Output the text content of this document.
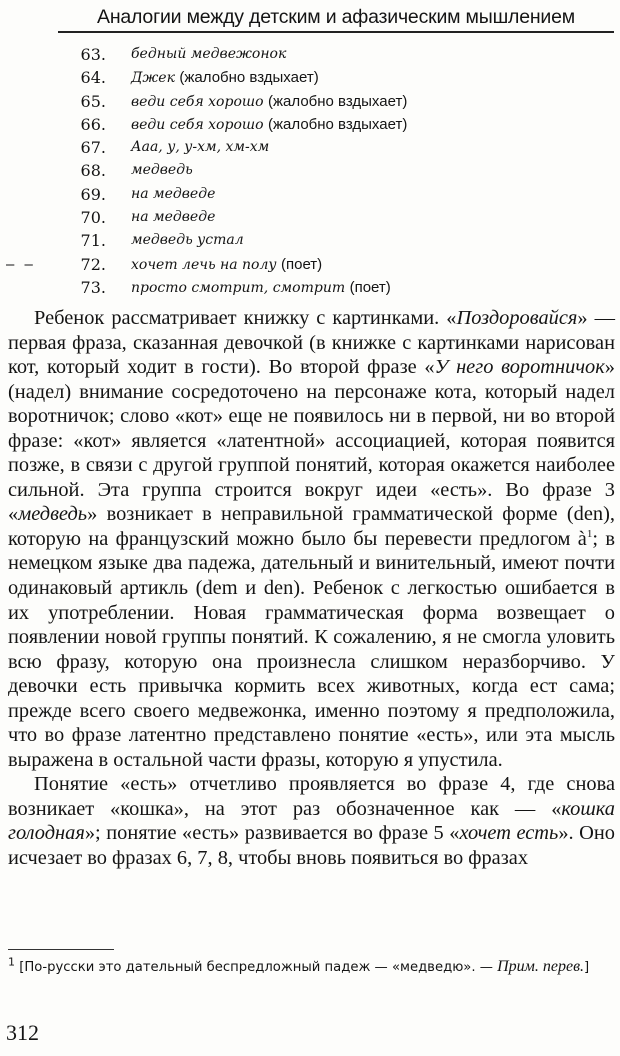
Аналогии между детским и афазическим мышлением
63. бедный медвежонок
64. Джек (жалобно вздыхает)
65. веди себя хорошо (жалобно вздыхает)
66. веди себя хорошо (жалобно вздыхает)
67. Ааа, у, у-хм, хм-хм
68. медведь
69. на медведе
70. на медведе
71. медведь устал
– –	72. хочет лечь на полу (поет)
73. просто смотрит, смотрит (поет)

Ребенок рассматривает книжку с картинками. «Поздоровайся» — первая фраза, сказанная девочкой (в книжке с картинками нарисован кот, который ходит в гости). Во второй фразе «У него воротничок» (надел) внимание сосредоточено на персонаже кота, который надел воротничок; слово «кот» еще не появилось ни в первой, ни во второй фразе: «кот» является «латентной» ассоциацией, которая появится позже, в связи с другой группой понятий, которая окажется наиболее сильной. Эта группа строится вокруг идеи «есть». Во фразе 3 «медведь» возникает в неправильной грамматической форме (den), которую на французский можно было бы перевести предлогом $à^1$; в немецком языке два падежа, дательный и винительный, имеют почти одинаковый артикль (dem и den). Ребенок с легкостью ошибается в их употреблении. Новая грамматическая форма возвещает о появлении новой группы понятий. К сожалению, я не смогла уловить всю фразу, которую она произнесла слишком неразборчиво. У девочки есть привычка кормить всех животных, когда ест сама; прежде всего своего медвежонка, именно поэтому я предположила, что во фразе латентно представлено понятие «есть», или эта мысль выражена в остальной части фразы, которую я упустила.

Понятие «есть» отчетливо проявляется во фразе 4, где снова возникает «кошка», на этот раз обозначенное как — «кошка голодная»; понятие «есть» развивается во фразе 5 «хочет есть». Оно исчезает во фразах 6, 7, 8, чтобы вновь появиться во фразах

$^1$ [По-русски это дательный беспредложный падеж — «медведю». — Прим. перев.]
312
